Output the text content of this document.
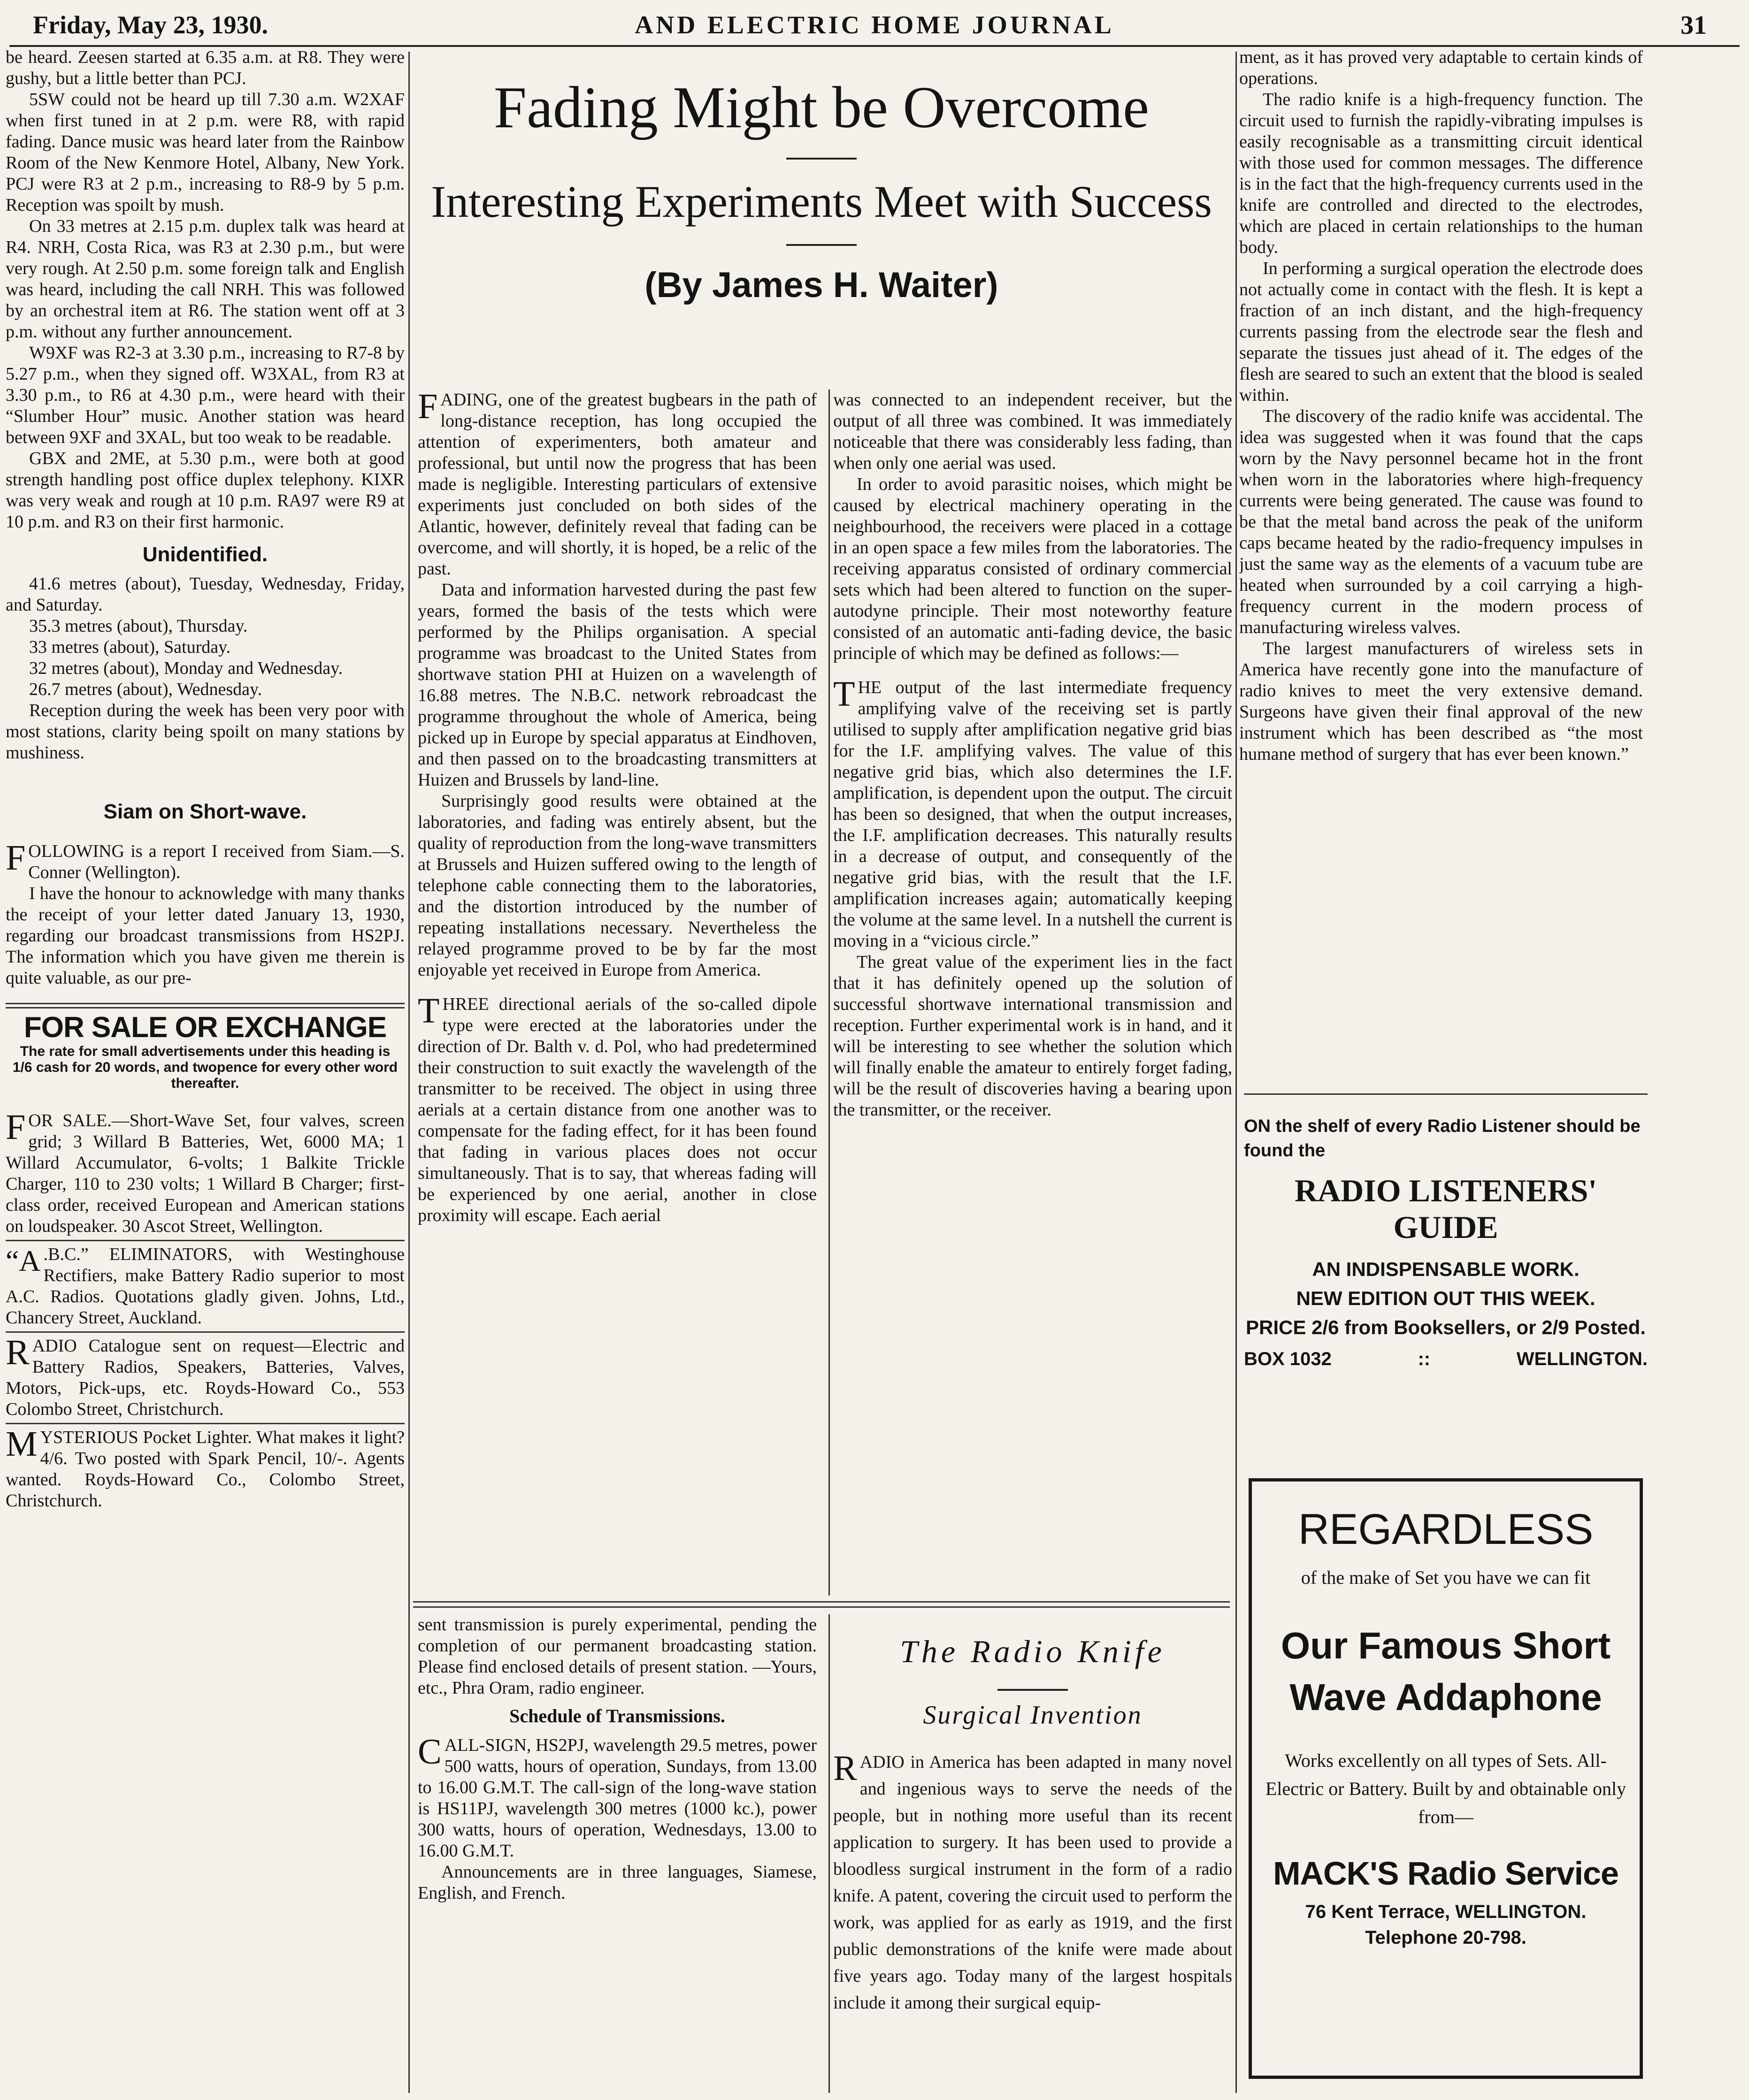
Friday, May 23, 1930.	AND ELECTRIC HOME JOURNAL	31

be heard. Zeesen started at 6.35 a.m. at R8. They were gushy, but a little better than PCJ.

5SW could not be heard up till 7.30 a.m. W2XAF when first tuned in at 2 p.m. were R8, with rapid fading. Dance music was heard later from the Rainbow Room of the New Kenmore Hotel, Albany, New York. PCJ were R3 at 2 p.m., increasing to R8-9 by 5 p.m. Reception was spoilt by mush.

On 33 metres at 2.15 p.m. duplex talk was heard at R4. NRH, Costa Rica, was R3 at 2.30 p.m., but were very rough. At 2.50 p.m. some foreign talk and English was heard, including the call NRH. This was followed by an orchestral item at R6. The station went off at 3 p.m. without any further announcement.

W9XF was R2-3 at 3.30 p.m., increasing to R7-8 by 5.27 p.m., when they signed off. W3XAL, from R3 at 3.30 p.m., to R6 at 4.30 p.m., were heard with their “Slumber Hour” music. Another station was heard between 9XF and 3XAL, but too weak to be readable.

GBX and 2ME, at 5.30 p.m., were both at good strength handling post office duplex telephony. KIXR was very weak and rough at 10 p.m. RA97 were R9 at 10 p.m. and R3 on their first harmonic.

Unidentified.

41.6 metres (about), Tuesday, Wednesday, Friday, and Saturday.

35.3 metres (about), Thursday.

33 metres (about), Saturday.

32 metres (about), Monday and Wednesday.

26.7 metres (about), Wednesday.

Reception during the week has been very poor with most stations, clarity being spoilt on many stations by mushiness.

Siam on Short-wave.

FOLLOWING is a report I received from Siam.—S. Conner (Wellington).

I have the honour to acknowledge with many thanks the receipt of your letter dated January 13, 1930, regarding our broadcast transmissions from HS2PJ. The information which you have given me therein is quite valuable, as our pre-

FOR SALE OR EXCHANGE
The rate for small advertisements under this heading is 1/6 cash for 20 words, and twopence for every other word thereafter.

FOR SALE.—Short-Wave Set, four valves, screen grid; 3 Willard B Batteries, Wet, 6000 MA; 1 Willard Accumulator, 6-volts; 1 Balkite Trickle Charger, 110 to 230 volts; 1 Willard B Charger; first-class order, received European and American stations on loudspeaker. 30 Ascot Street, Wellington.

“A .B.C.” ELIMINATORS, with Westinghouse Rectifiers, make Battery Radio superior to most A.C. Radios. Quotations gladly given. Johns, Ltd., Chancery Street, Auckland.

RADIO Catalogue sent on request—Electric and Battery Radios, Speakers, Batteries, Valves, Motors, Pick-ups, etc. Royds-Howard Co., 553 Colombo Street, Christchurch.

MYSTERIOUS Pocket Lighter. What makes it light? 4/6. Two posted with Spark Pencil, 10/-. Agents wanted. Royds-Howard Co., Colombo Street, Christchurch.

Fading Might be Overcome
Interesting Experiments Meet with Success
(By James H. Waiter)

FADING, one of the greatest bugbears in the path of long-distance reception, has long occupied the attention of experimenters, both amateur and professional, but until now the progress that has been made is negligible. Interesting particulars of extensive experiments just concluded on both sides of the Atlantic, however, definitely reveal that fading can be overcome, and will shortly, it is hoped, be a relic of the past.

Data and information harvested during the past few years, formed the basis of the tests which were performed by the Philips organisation. A special programme was broadcast to the United States from shortwave station PHI at Huizen on a wavelength of 16.88 metres. The N.B.C. network rebroadcast the programme throughout the whole of America, being picked up in Europe by special apparatus at Eindhoven, and then passed on to the broadcasting transmitters at Huizen and Brussels by land-line.

Surprisingly good results were obtained at the laboratories, and fading was entirely absent, but the quality of reproduction from the long-wave transmitters at Brussels and Huizen suffered owing to the length of telephone cable connecting them to the laboratories, and the distortion introduced by the number of repeating installations necessary. Nevertheless the relayed programme proved to be by far the most enjoyable yet received in Europe from America.

THREE directional aerials of the so-called dipole type were erected at the laboratories under the direction of Dr. Balth v. d. Pol, who had predetermined their construction to suit exactly the wavelength of the transmitter to be received. The object in using three aerials at a certain distance from one another was to compensate for the fading effect, for it has been found that fading in various places does not occur simultaneously. That is to say, that whereas fading will be experienced by one aerial, another in close proximity will escape. Each aerial

was connected to an independent receiver, but the output of all three was combined. It was immediately noticeable that there was considerably less fading, than when only one aerial was used.

In order to avoid parasitic noises, which might be caused by electrical machinery operating in the neighbourhood, the receivers were placed in a cottage in an open space a few miles from the laboratories. The receiving apparatus consisted of ordinary commercial sets which had been altered to function on the super-autodyne principle. Their most noteworthy feature consisted of an automatic anti-fading device, the basic principle of which may be defined as follows:—

THE output of the last intermediate frequency amplifying valve of the receiving set is partly utilised to supply after amplification negative grid bias for the I.F. amplifying valves. The value of this negative grid bias, which also determines the I.F. amplification, is dependent upon the output. The circuit has been so designed, that when the output increases, the I.F. amplification decreases. This naturally results in a decrease of output, and consequently of the negative grid bias, with the result that the I.F. amplification increases again; automatically keeping the volume at the same level. In a nutshell the current is moving in a “vicious circle.”

The great value of the experiment lies in the fact that it has definitely opened up the solution of successful shortwave international transmission and reception. Further experimental work is in hand, and it will be interesting to see whether the solution which will finally enable the amateur to entirely forget fading, will be the result of discoveries having a bearing upon the transmitter, or the receiver.

sent transmission is purely experimental, pending the completion of our permanent broadcasting station. Please find enclosed details of present station. —Yours, etc., Phra Oram, radio engineer.

Schedule of Transmissions.

CALL-SIGN, HS2PJ, wavelength 29.5 metres, power 500 watts, hours of operation, Sundays, from 13.00 to 16.00 G.M.T. The call-sign of the long-wave station is HS11PJ, wavelength 300 metres (1000 kc.), power 300 watts, hours of operation, Wednesdays, 13.00 to 16.00 G.M.T.

Announcements are in three languages, Siamese, English, and French.

The Radio Knife
Surgical Invention

RADIO in America has been adapted in many novel and ingenious ways to serve the needs of the people, but in nothing more useful than its recent application to surgery. It has been used to provide a bloodless surgical instrument in the form of a radio knife. A patent, covering the circuit used to perform the work, was applied for as early as 1919, and the first public demonstrations of the knife were made about five years ago. Today many of the largest hospitals include it among their surgical equip-

ment, as it has proved very adaptable to certain kinds of operations.

The radio knife is a high-frequency function. The circuit used to furnish the rapidly-vibrating impulses is easily recognisable as a transmitting circuit identical with those used for common messages. The difference is in the fact that the high-frequency currents used in the knife are controlled and directed to the electrodes, which are placed in certain relationships to the human body.

In performing a surgical operation the electrode does not actually come in contact with the flesh. It is kept a fraction of an inch distant, and the high-frequency currents passing from the electrode sear the flesh and separate the tissues just ahead of it. The edges of the flesh are seared to such an extent that the blood is sealed within.

The discovery of the radio knife was accidental. The idea was suggested when it was found that the caps worn by the Navy personnel became hot in the front when worn in the laboratories where high-frequency currents were being generated. The cause was found to be that the metal band across the peak of the uniform caps became heated by the radio-frequency impulses in just the same way as the elements of a vacuum tube are heated when surrounded by a coil carrying a high-frequency current in the modern process of manufacturing wireless valves.

The largest manufacturers of wireless sets in America have recently gone into the manufacture of radio knives to meet the very extensive demand. Surgeons have given their final approval of the new instrument which has been described as “the most humane method of surgery that has ever been known.”

ON the shelf of every Radio Listener should be found the
RADIO LISTENERS' GUIDE
AN INDISPENSABLE WORK.
NEW EDITION OUT THIS WEEK.
PRICE 2/6 from Booksellers, or 2/9 Posted.
BOX 1032	::	WELLINGTON.
REGARDLESS
of the make of Set you have we can fit
Our Famous Short Wave Addaphone
Works excellently on all types of Sets. All-Electric or Battery. Built by and obtainable only from—
MACK'S Radio Service
76 Kent Terrace, WELLINGTON.
Telephone 20-798.
